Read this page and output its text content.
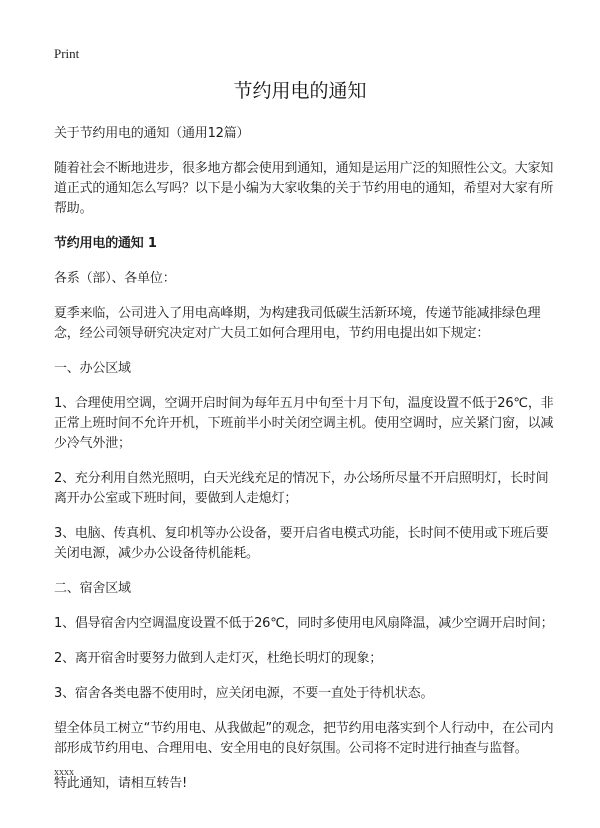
Print
节约用电的通知

关于节约用电的通知（通用12篇）

随着社会不断地进步，很多地方都会使用到通知，通知是运用广泛的知照性公文。大家知道正式的通知怎么写吗？以下是小编为大家收集的关于节约用电的通知，希望对大家有所帮助。

节约用电的通知 1

各系（部）、各单位：

夏季来临，公司进入了用电高峰期，为构建我司低碳生活新环境，传递节能减排绿色理念，经公司领导研究决定对广大员工如何合理用电，节约用电提出如下规定：

一、办公区域

1、合理使用空调，空调开启时间为每年五月中旬至十月下旬，温度设置不低于26℃，非正常上班时间不允许开机，下班前半小时关闭空调主机。使用空调时，应关紧门窗，以减少冷气外泄；

2、充分利用自然光照明，白天光线充足的情况下，办公场所尽量不开启照明灯，长时间离开办公室或下班时间，要做到人走熄灯；

3、电脑、传真机、复印机等办公设备，要开启省电模式功能，长时间不使用或下班后要关闭电源，减少办公设备待机能耗。

二、宿舍区域

1、倡导宿舍内空调温度设置不低于26℃，同时多使用电风扇降温，减少空调开启时间；

2、离开宿舍时要努力做到人走灯灭，杜绝长明灯的现象；

3、宿舍各类电器不使用时，应关闭电源，不要一直处于待机状态。

望全体员工树立“节约用电、从我做起”的观念，把节约用电落实到个人行动中，在公司内部形成节约用电、合理用电、安全用电的良好氛围。公司将不定时进行抽查与监督。

特此通知，请相互转告!

xxxx
